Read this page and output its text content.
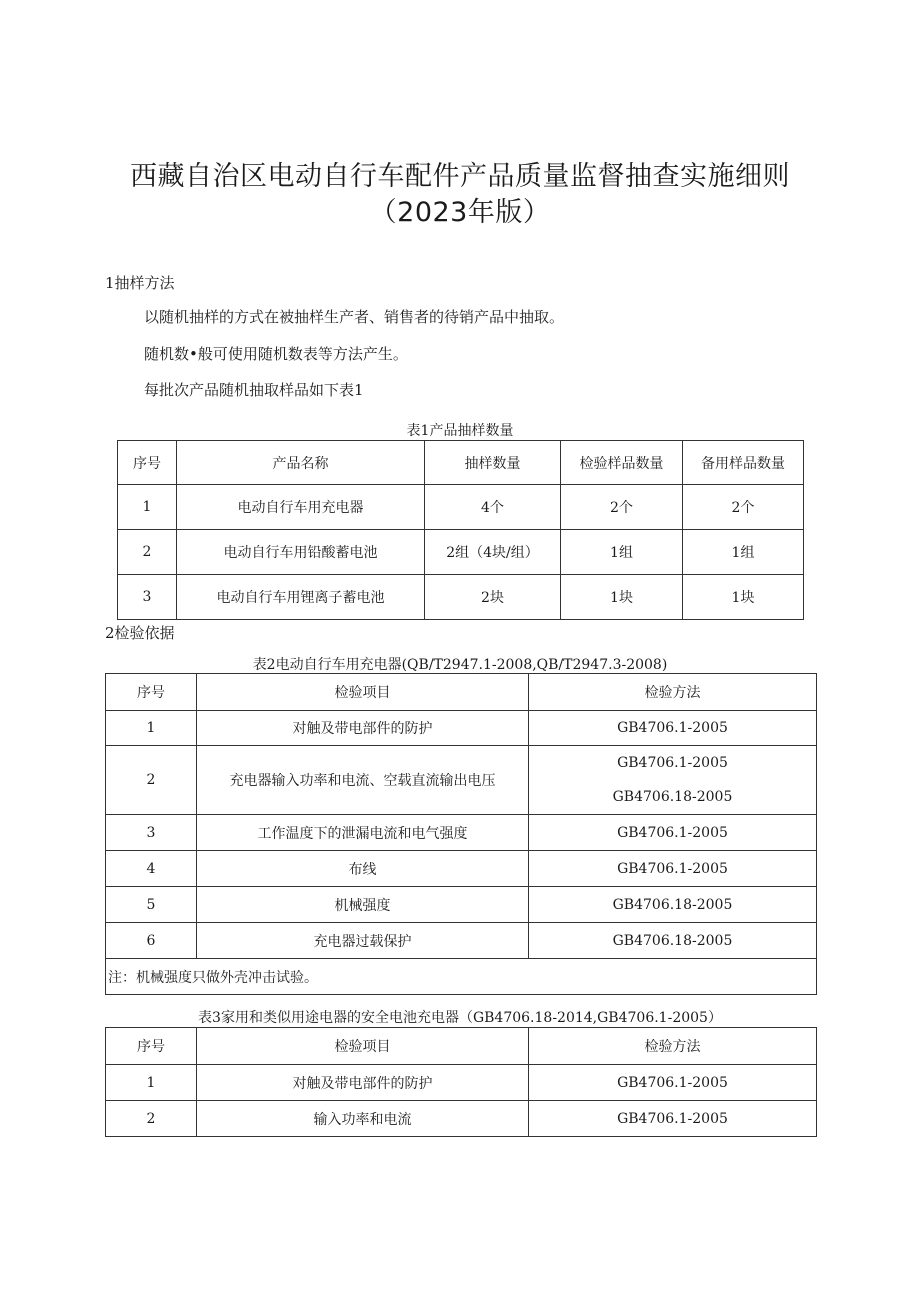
西藏自治区电动自行车配件产品质量监督抽查实施细则
（2023年版）
1抽样方法
以随机抽样的方式在被抽样生产者、销售者的待销产品中抽取。
随机数•般可使用随机数表等方法产生。
每批次产品随机抽取样品如下表1
表1产品抽样数量
序号	产品名称	抽样数量	检验样品数量	备用样品数量
1	电动自行车用充电器	4个	2个	2个
2	电动自行车用铅酸蓄电池	2组（4块/组）	1组	1组
3	电动自行车用锂离子蓄电池	2块	1块	1块
2检验依据
表2电动自行车用充电器(QB/T2947.1-2008,QB/T2947.3-2008)
序号	检验项目	检验方法
1	对触及带电部件的防护	GB4706.1-2005
2	充电器输入功率和电流、空载直流输出电压	GB4706.1-2005
GB4706.18-2005

3	工作温度下的泄漏电流和电气强度	GB4706.1-2005
4	布线	GB4706.1-2005
5	机械强度	GB4706.18-2005
6	充电器过载保护	GB4706.18-2005
注：机械强度只做外壳冲击试验。		
表3家用和类似用途电器的安全电池充电器（GB4706.18-2014,GB4706.1-2005）
序号	检验项目	检验方法
1	对触及带电部件的防护	GB4706.1-2005
2	输入功率和电流	GB4706.1-2005
